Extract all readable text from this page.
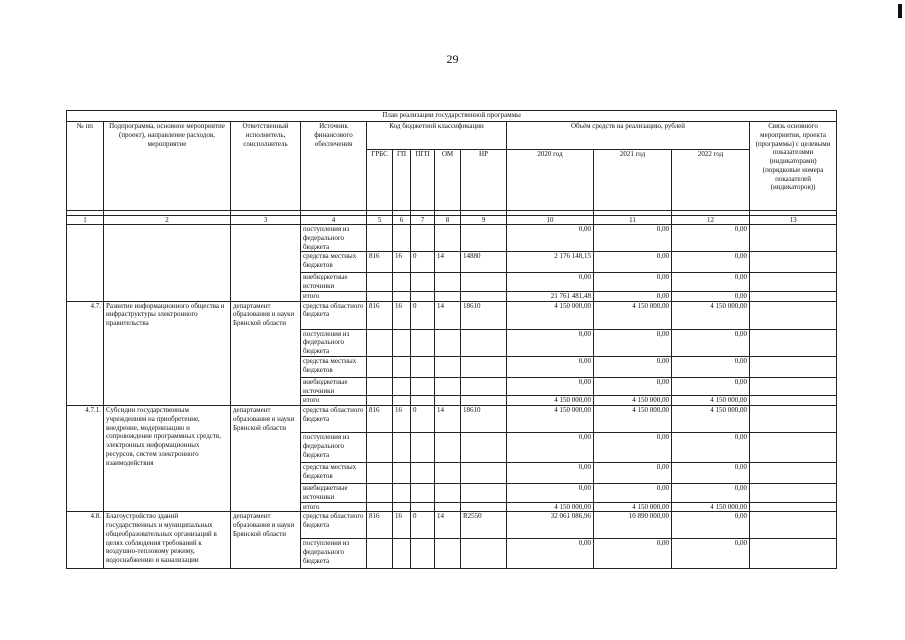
29
План реализации государственной программы												
№ пп	Подпрограмма, основное мероприятие (проект), направление расходов, мероприятие	Ответственный исполнитель, соисполнитель	Источник финансового обеспечения	Код бюджетной классификации					Объём средств на реализацию, рублей			Связь основного мероприятия, проекта (программы) с целевыми показателями (индикаторами) (порядковые номера показателей (индикаторов))
				ГРБС	ГП	ПГП	ОМ	НР	2020 год	2021 год	2022 год	

1	2	3	4	5	6	7	8	9	10	11	12	13
			поступления из федерального бюджета						0,00	0,00	0,00	
			средства местных бюджетов	816	16	0	14	14880	2 176 148,15	0,00	0,00	
			внебюджетные источники						0,00	0,00	0,00	
			итого						21 761 481,48	0,00	0,00	
4.7.	Развитие информационного общества и инфраструктуры электронного правительства	департамент образования и науки Брянской области	средства областного бюджета	816	16	0	14	18610	4 150 000,00	4 150 000,00	4 150 000,00	
			поступления из федерального бюджета						0,00	0,00	0,00	
			средства местных бюджетов						0,00	0,00	0,00	
			внебюджетные источники						0,00	0,00	0,00	
			итого						4 150 000,00	4 150 000,00	4 150 000,00	
4.7.1.	Субсидии государственным учреждениям на приобретение, внедрение, модернизацию и сопровождение программных средств, электронных информационных ресурсов, систем электронного взаимодействия	департамент образования и науки Брянской области	средства областного бюджета	816	16	0	14	18610	4 150 000,00	4 150 000,00	4 150 000,00	
			поступления из федерального бюджета						0,00	0,00	0,00	
			средства местных бюджетов						0,00	0,00	0,00	
			внебюджетные источники						0,00	0,00	0,00	
			итого						4 150 000,00	4 150 000,00	4 150 000,00	
4.8.	Благоустройство зданий государственных и муниципальных общеобразовательных организаций в целях соблюдения требований к воздушно-тепловому режиму, водоснабжению и канализации	департамент образования и науки Брянской области	средства областного бюджета	816	16	0	14	R2550	32 061 086,96	10 890 000,00	0,00	
			поступления из федерального бюджета						0,00	0,00	0,00	
